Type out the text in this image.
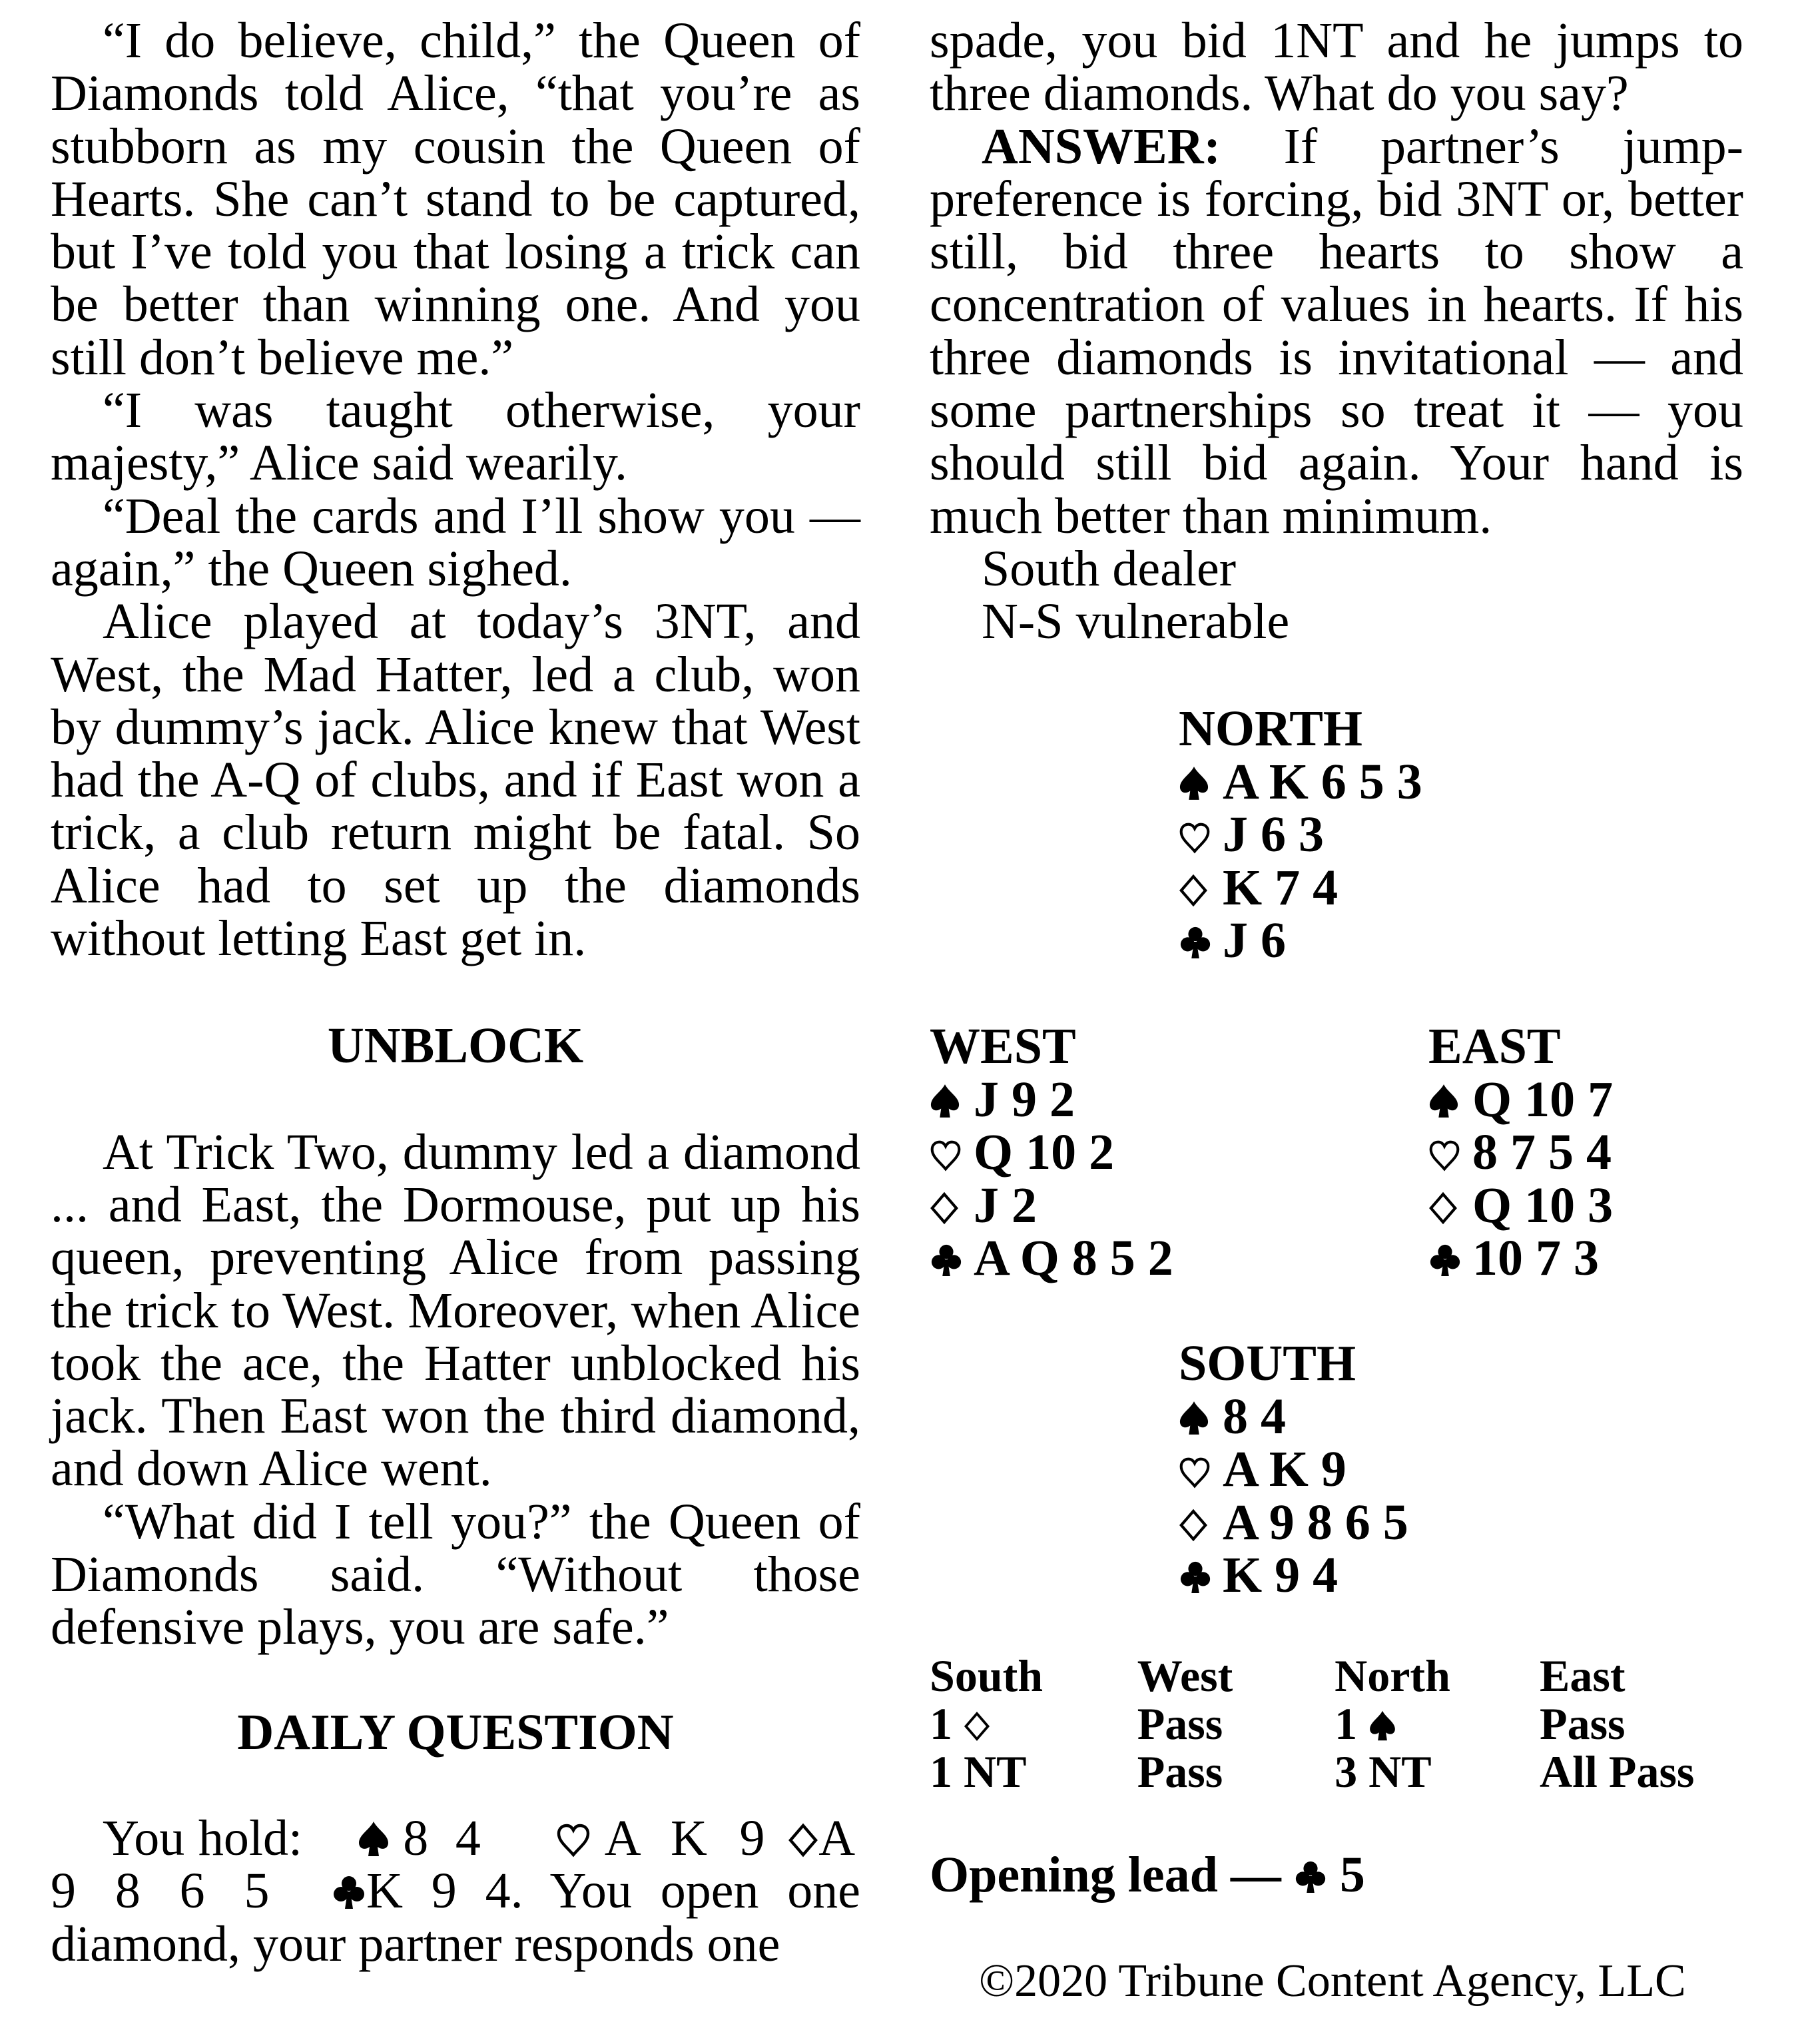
“I do believe, child,” the Queen of Diamonds told Alice, “that you’re as stubborn as my cousin the Queen of Hearts. She can’t stand to be captured, but I’ve told you that losing a trick can be better than winning one. And you still don’t believe me.”

“I was taught otherwise, your majesty,” Alice said wearily.

“Deal the cards and I’ll show you — again,” the Queen sighed.

Alice played at today’s 3NT, and West, the Mad Hatter, led a club, won by dummy’s jack. Alice knew that West had the A-Q of clubs, and if East won a trick, a club return might be fatal. So Alice had to set up the diamonds without letting East get in.

UNBLOCK

At Trick Two, dummy led a diamond ... and East, the Dormouse, put up his queen, preventing Alice from passing the trick to West. Moreover, when Alice took the ace, the Hatter unblocked his jack. Then East won the third diamond, and down Alice went.

“What did I tell you?” the Queen of Diamonds said. “Without those defensive plays, you are safe.”

DAILY QUESTION

You hold: 8 4 A K 9 A 9 8 6 5 K 9 4. You open one diamond, your partner responds one

spade, you bid 1NT and he jumps to three diamonds. What do you say?

ANSWER: If partner’s jump-preference is forcing, bid 3NT or, better still, bid three hearts to show a concentration of values in hearts. If his three diamonds is invitational — and some partnerships so treat it — you should still bid again. Your hand is much better than minimum.

South dealer

N-S vulnerable

NORTH
A K 6 5 3
J 6 3
K 7 4
J 6
WEST
J 9 2
Q 10 2
J 2
A Q 8 5 2
EAST
Q 10 7
8 7 5 4
Q 10 3
10 7 3
SOUTH
8 4
A K 9
A 9 8 6 5
K 9 4
South	West	North	East
1	Pass	1	Pass
1 NT	Pass	3 NT	All Pass
Opening lead — 5
©2020 Tribune Content Agency, LLC
